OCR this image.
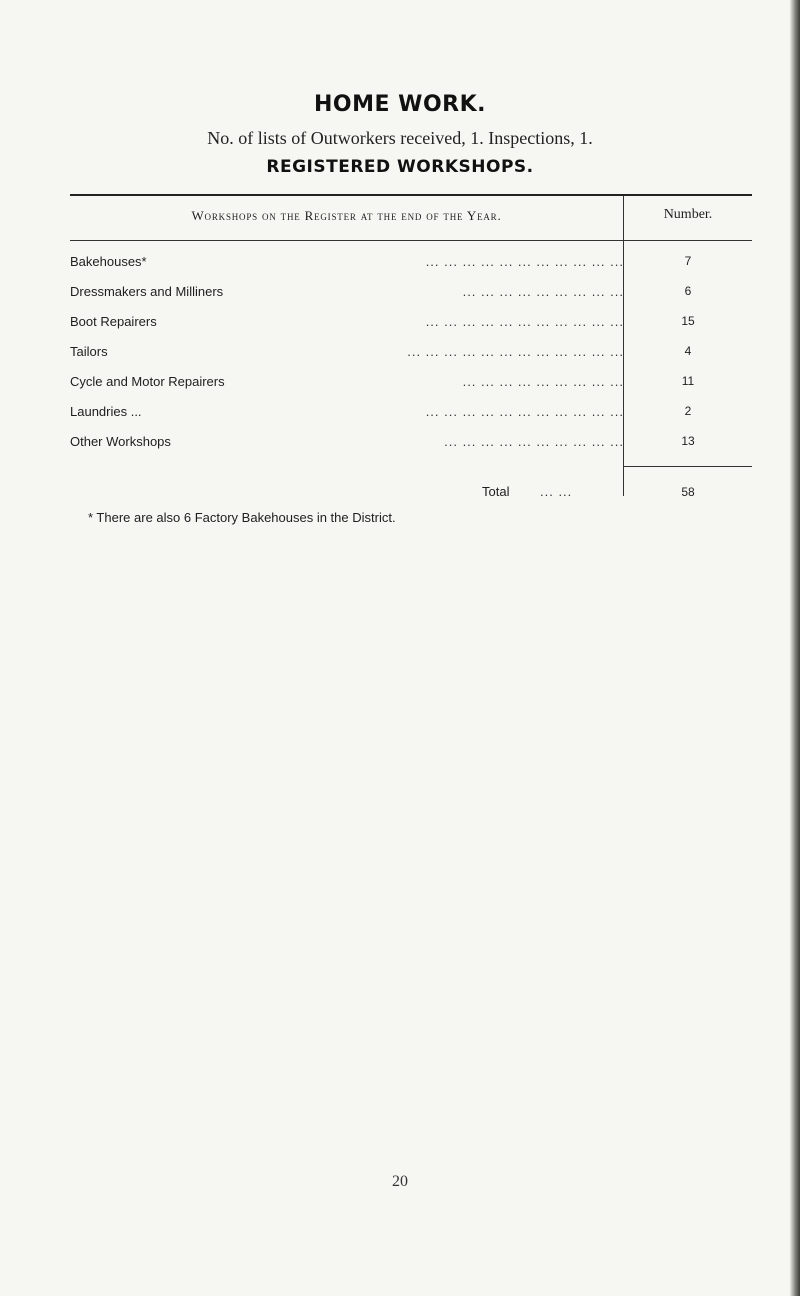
HOME WORK.
No. of lists of Outworkers received, 1. Inspections, 1.
REGISTERED WORKSHOPS.
Workshops on the Register at the end of the Year.	Number.
Bakehouses*	... ... ... ... ... ... ... ... ... ... ...	7
Dressmakers and Milliners	... ... ... ... ... ... ... ... ...	6
Boot Repairers	... ... ... ... ... ... ... ... ... ... ...	15
Tailors	... ... ... ... ... ... ... ... ... ... ... ...	4
Cycle and Motor Repairers	... ... ... ... ... ... ... ... ...	11
Laundries ...	... ... ... ... ... ... ... ... ... ... ...	2
Other Workshops	... ... ... ... ... ... ... ... ... ...	13
Total ... ...	58
* There are also 6 Factory Bakehouses in the District.
20
